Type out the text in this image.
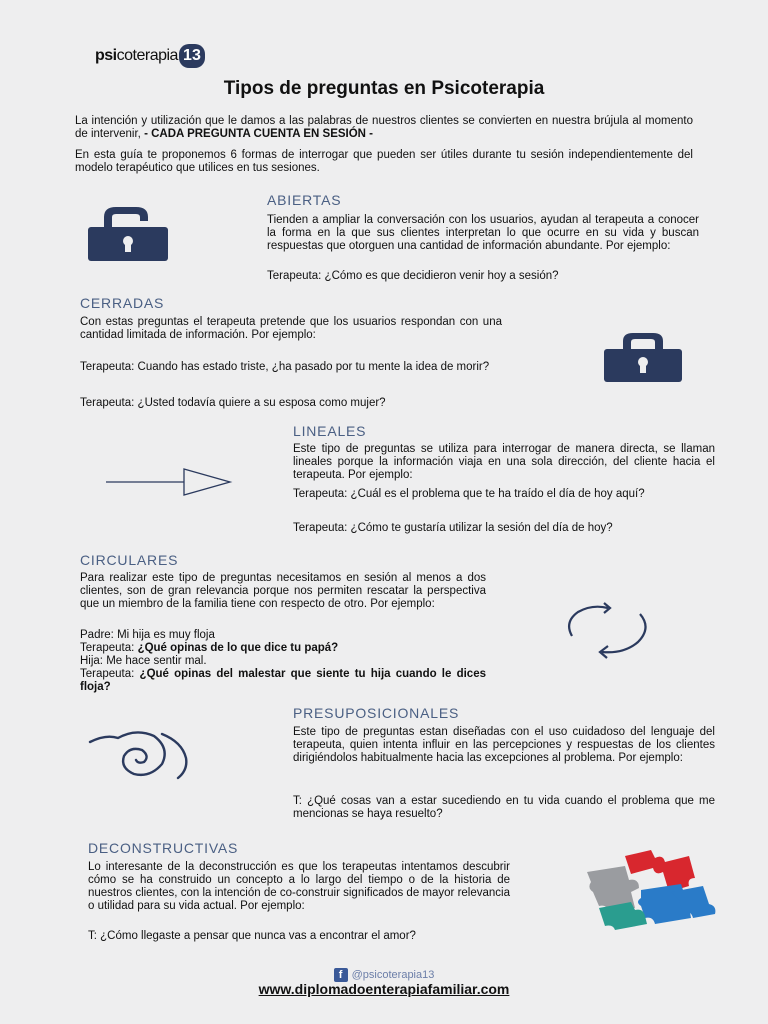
psicoterapia 13
Tipos de preguntas en Psicoterapia
La intención y utilización que le damos a las palabras de nuestros clientes se convierten en nuestra brújula al momento de intervenir, - CADA PREGUNTA CUENTA EN SESIÓN -
En esta guía te proponemos 6 formas de interrogar que pueden ser útiles durante tu sesión independientemente del modelo terapéutico que utilices en tus sesiones.
ABIERTAS
Tienden a ampliar la conversación con los usuarios, ayudan al terapeuta a conocer la forma en la que sus clientes interpretan lo que ocurre en su vida y buscan respuestas que otorguen una cantidad de información abundante. Por ejemplo:
Terapeuta: ¿Cómo es que decidieron venir hoy a sesión?
CERRADAS
Con estas preguntas el terapeuta pretende que los usuarios respondan con una cantidad limitada de información. Por ejemplo:
Terapeuta: Cuando has estado triste, ¿ha pasado por tu mente la idea de morir?
Terapeuta: ¿Usted todavía quiere a su esposa como mujer?
LINEALES
Este tipo de preguntas se utiliza para interrogar de manera directa, se llaman lineales porque la información viaja en una sola dirección, del cliente hacia el terapeuta. Por ejemplo:
Terapeuta: ¿Cuál es el problema que te ha traído el día de hoy aquí?
Terapeuta: ¿Cómo te gustaría utilizar la sesión del día de hoy?
CIRCULARES
Para realizar este tipo de preguntas necesitamos en sesión al menos a dos clientes, son de gran relevancia porque nos permiten rescatar la perspectiva que un miembro de la familia tiene con respecto de otro. Por ejemplo:
Padre: Mi hija es muy floja
Terapeuta: ¿Qué opinas de lo que dice tu papá?
Hija: Me hace sentir mal.
Terapeuta: ¿Qué opinas del malestar que siente tu hija cuando le dices floja?
PRESUPOSICIONALES
Este tipo de preguntas estan diseñadas con el uso cuidadoso del lenguaje del terapeuta, quien intenta influir en las percepciones y respuestas de los clientes dirigiéndolos habitualmente hacia las excepciones al problema. Por ejemplo:
T: ¿Qué cosas van a estar sucediendo en tu vida cuando el problema que me mencionas se haya resuelto?
DECONSTRUCTIVAS
Lo interesante de la deconstrucción es que los terapeutas intentamos descubrir cómo se ha construido un concepto a lo largo del tiempo o de la historia de nuestros clientes, con la intención de co-construir significados de mayor relevancia o utilidad para su vida actual. Por ejemplo:
T: ¿Cómo llegaste a pensar que nunca vas a encontrar el amor?
f @psicoterapia13
www.diplomadoenterapiafamiliar.com
